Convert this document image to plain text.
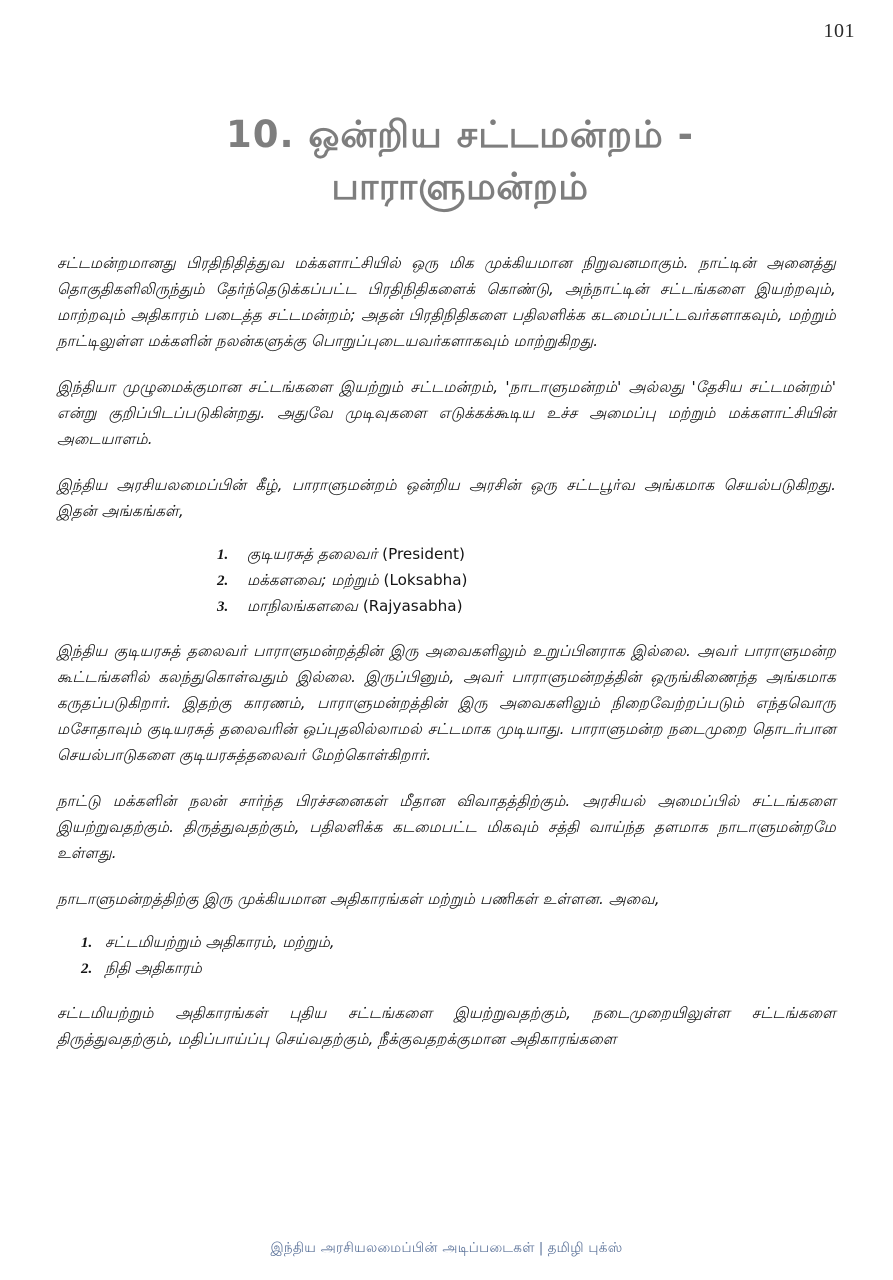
101
10. ஒன்றிய சட்டமன்றம் -
பாராளுமன்றம்

சட்டமன்றமானது பிரதிநிதித்துவ மக்களாட்சியில் ஒரு மிக முக்கியமான நிறுவனமாகும். நாட்டின் அனைத்து தொகுதிகளிலிருந்தும் தேர்ந்தெடுக்கப்பட்ட பிரதிநிதிகளைக் கொண்டு, அந்நாட்டின் சட்டங்களை இயற்றவும், மாற்றவும் அதிகாரம் படைத்த சட்டமன்றம்; அதன் பிரதிநிதிகளை பதிலளிக்க கடமைப்பட்டவர்களாகவும், மற்றும் நாட்டிலுள்ள மக்களின் நலன்களுக்கு பொறுப்புடையவர்களாகவும் மாற்றுகிறது.

இந்தியா முழுமைக்குமான சட்டங்களை இயற்றும் சட்டமன்றம், 'நாடாளுமன்றம்' அல்லது 'தேசிய சட்டமன்றம்' என்று குறிப்பிடப்படுகின்றது. அதுவே முடிவுகளை எடுக்கக்கூடிய உச்ச அமைப்பு மற்றும் மக்களாட்சியின் அடையாளம்.

இந்திய அரசியலமைப்பின் கீழ், பாராளுமன்றம் ஒன்றிய அரசின் ஒரு சட்டபூர்வ அங்கமாக செயல்படுகிறது. இதன் அங்கங்கள்,

1.	குடியரசுத் தலைவர் (President)
2.	மக்களவை; மற்றும் (Loksabha)
3.	மாநிலங்களவை (Rajyasabha)

இந்திய குடியரசுத் தலைவர் பாராளுமன்றத்தின் இரு அவைகளிலும் உறுப்பினராக இல்லை. அவர் பாராளுமன்ற கூட்டங்களில் கலந்துகொள்வதும் இல்லை. இருப்பினும், அவர் பாராளுமன்றத்தின் ஒருங்கிணைந்த அங்கமாக கருதப்படுகிறார். இதற்கு காரணம், பாராளுமன்றத்தின் இரு அவைகளிலும் நிறைவேற்றப்படும் எந்தவொரு மசோதாவும் குடியரசுத் தலைவரின் ஒப்புதலில்லாமல் சட்டமாக முடியாது. பாராளுமன்ற நடைமுறை தொடர்பான செயல்பாடுகளை குடியரசுத்தலைவர் மேற்கொள்கிறார்.

நாட்டு மக்களின் நலன் சார்ந்த பிரச்சனைகள் மீதான விவாதத்திற்கும். அரசியல் அமைப்பில் சட்டங்களை இயற்றுவதற்கும். திருத்துவதற்கும், பதிலளிக்க கடமைபட்ட மிகவும் சத்தி வாய்ந்த தளமாக நாடாளுமன்றமே உள்ளது.

நாடாளுமன்றத்திற்கு இரு முக்கியமான அதிகாரங்கள் மற்றும் பணிகள் உள்ளன. அவை,

1. சட்டமியற்றும் அதிகாரம், மற்றும்,
2. நிதி அதிகாரம்

சட்டமியற்றும் அதிகாரங்கள் புதிய சட்டங்களை இயற்றுவதற்கும், நடைமுறையிலுள்ள சட்டங்களை திருத்துவதற்கும், மதிப்பாய்ப்பு செய்வதற்கும், நீக்குவதறக்குமான அதிகாரங்களை

இந்திய அரசியலமைப்பின் அடிப்படைகள் | தமிழி புக்ஸ்
